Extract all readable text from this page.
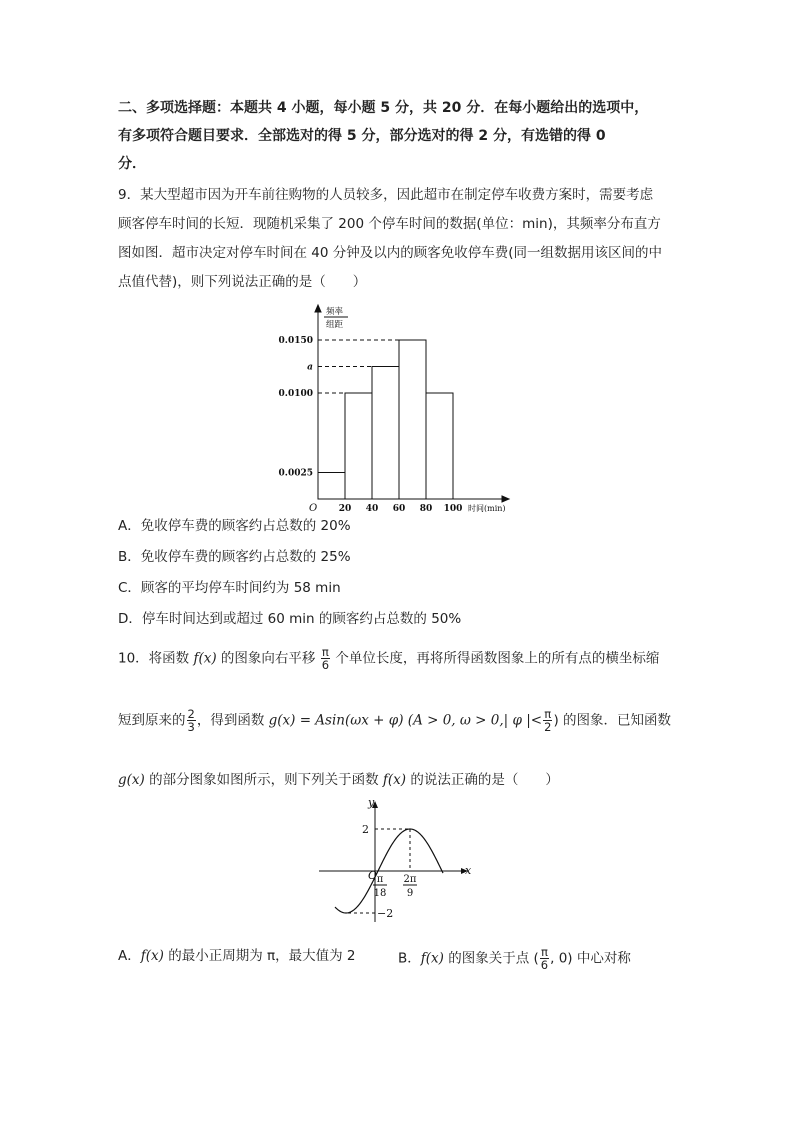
二、多项选择题：本题共 4 小题，每小题 5 分，共 20 分．在每小题给出的选项中，
有多项符合题目要求．全部选对的得 5 分，部分选对的得 2 分，有选错的得 0
分．
9．某大型超市因为开车前往购物的人员较多，因此超市在制定停车收费方案时，需要考虑
顾客停车时间的长短．现随机采集了 200 个停车时间的数据(单位：min)，其频率分布直方
图如图．超市决定对停车时间在 40 分钟及以内的顾客免收停车费(同一组数据用该区间的中
点值代替)，则下列说法正确的是（　　）
0.0150
a
0.0100
0.0025
20 40 60 80 100
O
频率
组距
时间(min)
A．免收停车费的顾客约占总数的 20%
B．免收停车费的顾客约占总数的 25%
C．顾客的平均停车时间约为 58 min
D．停车时间达到或超过 60 min 的顾客约占总数的 50%
10．将函数 f(x) 的图象向右平移 $\frac{\pi}{6}$ 个单位长度，再将所得函数图象上的所有点的横坐标缩
短到原来的 $\frac{2}{3}$ ，得到函数 g(x) = Asin(ωx + φ) (A > 0, ω > 0,| φ |< $\frac{\pi}{2}$ ) 的图象．已知函数
g(x) 的部分图象如图所示，则下列关于函数 f(x) 的说法正确的是（　　）
y
x
O
2
−2
π
18
2π
9
A．f(x) 的最小正周期为 π，最大值为 2	B．f(x) 的图象关于点 ( $\frac{\pi}{6}$ , 0) 中心对称
